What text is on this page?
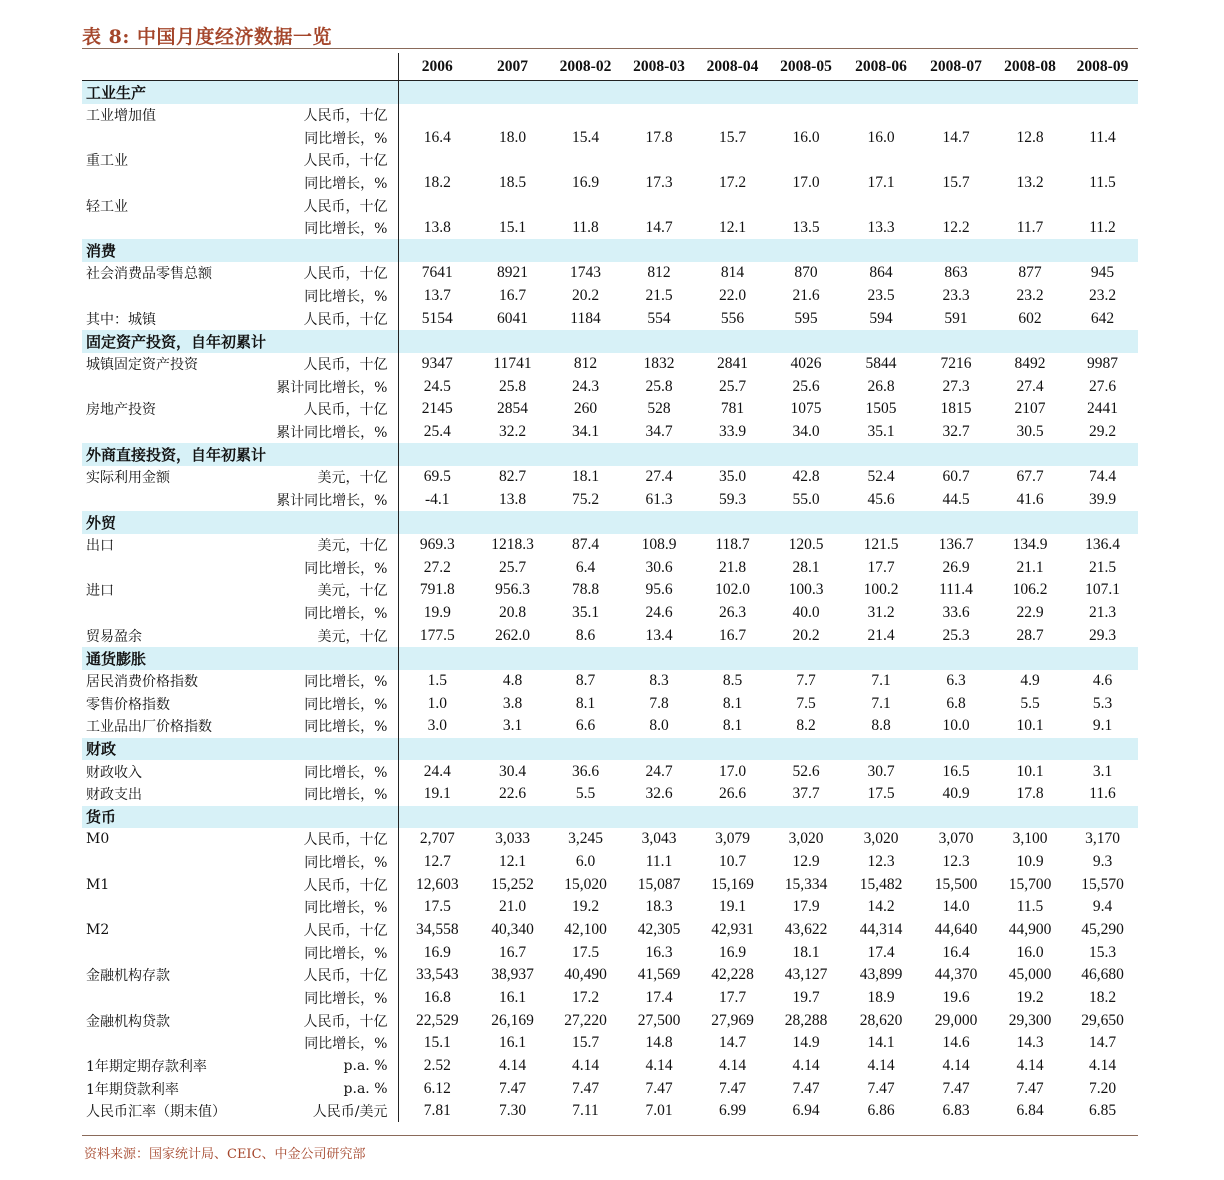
表 8: 中国月度经济数据一览
		2006	2007	2008-02	2008-03	2008-04	2008-05	2008-06	2008-07	2008-08	2008-09
工业生产											
工业增加值	人民币，十亿										
	同比增长，%	16.4	18.0	15.4	17.8	15.7	16.0	16.0	14.7	12.8	11.4
重工业	人民币，十亿										
	同比增长，%	18.2	18.5	16.9	17.3	17.2	17.0	17.1	15.7	13.2	11.5
轻工业	人民币，十亿										
	同比增长，%	13.8	15.1	11.8	14.7	12.1	13.5	13.3	12.2	11.7	11.2
消费											
社会消费品零售总额	人民币，十亿	7641	8921	1743	812	814	870	864	863	877	945
	同比增长，%	13.7	16.7	20.2	21.5	22.0	21.6	23.5	23.3	23.2	23.2
其中：城镇	人民币，十亿	5154	6041	1184	554	556	595	594	591	602	642
固定资产投资，自年初累计											
城镇固定资产投资	人民币，十亿	9347	11741	812	1832	2841	4026	5844	7216	8492	9987
	累计同比增长，%	24.5	25.8	24.3	25.8	25.7	25.6	26.8	27.3	27.4	27.6
房地产投资	人民币，十亿	2145	2854	260	528	781	1075	1505	1815	2107	2441
	累计同比增长，%	25.4	32.2	34.1	34.7	33.9	34.0	35.1	32.7	30.5	29.2
外商直接投资，自年初累计											
实际利用金额	美元，十亿	69.5	82.7	18.1	27.4	35.0	42.8	52.4	60.7	67.7	74.4
	累计同比增长，%	-4.1	13.8	75.2	61.3	59.3	55.0	45.6	44.5	41.6	39.9
外贸											
出口	美元，十亿	969.3	1218.3	87.4	108.9	118.7	120.5	121.5	136.7	134.9	136.4
	同比增长，%	27.2	25.7	6.4	30.6	21.8	28.1	17.7	26.9	21.1	21.5
进口	美元，十亿	791.8	956.3	78.8	95.6	102.0	100.3	100.2	111.4	106.2	107.1
	同比增长，%	19.9	20.8	35.1	24.6	26.3	40.0	31.2	33.6	22.9	21.3
贸易盈余	美元，十亿	177.5	262.0	8.6	13.4	16.7	20.2	21.4	25.3	28.7	29.3
通货膨胀											
居民消费价格指数	同比增长，%	1.5	4.8	8.7	8.3	8.5	7.7	7.1	6.3	4.9	4.6
零售价格指数	同比增长，%	1.0	3.8	8.1	7.8	8.1	7.5	7.1	6.8	5.5	5.3
工业品出厂价格指数	同比增长，%	3.0	3.1	6.6	8.0	8.1	8.2	8.8	10.0	10.1	9.1
财政											
财政收入	同比增长，%	24.4	30.4	36.6	24.7	17.0	52.6	30.7	16.5	10.1	3.1
财政支出	同比增长，%	19.1	22.6	5.5	32.6	26.6	37.7	17.5	40.9	17.8	11.6
货币											
M0	人民币，十亿	2,707	3,033	3,245	3,043	3,079	3,020	3,020	3,070	3,100	3,170
	同比增长，%	12.7	12.1	6.0	11.1	10.7	12.9	12.3	12.3	10.9	9.3
M1	人民币，十亿	12,603	15,252	15,020	15,087	15,169	15,334	15,482	15,500	15,700	15,570
	同比增长，%	17.5	21.0	19.2	18.3	19.1	17.9	14.2	14.0	11.5	9.4
M2	人民币，十亿	34,558	40,340	42,100	42,305	42,931	43,622	44,314	44,640	44,900	45,290
	同比增长，%	16.9	16.7	17.5	16.3	16.9	18.1	17.4	16.4	16.0	15.3
金融机构存款	人民币，十亿	33,543	38,937	40,490	41,569	42,228	43,127	43,899	44,370	45,000	46,680
	同比增长，%	16.8	16.1	17.2	17.4	17.7	19.7	18.9	19.6	19.2	18.2
金融机构贷款	人民币，十亿	22,529	26,169	27,220	27,500	27,969	28,288	28,620	29,000	29,300	29,650
	同比增长，%	15.1	16.1	15.7	14.8	14.7	14.9	14.1	14.6	14.3	14.7
1年期定期存款利率	p.a. %	2.52	4.14	4.14	4.14	4.14	4.14	4.14	4.14	4.14	4.14
1年期贷款利率	p.a. %	6.12	7.47	7.47	7.47	7.47	7.47	7.47	7.47	7.47	7.20
人民币汇率（期末值）	人民币/美元	7.81	7.30	7.11	7.01	6.99	6.94	6.86	6.83	6.84	6.85
资料来源：国家统计局、CEIC、中金公司研究部
